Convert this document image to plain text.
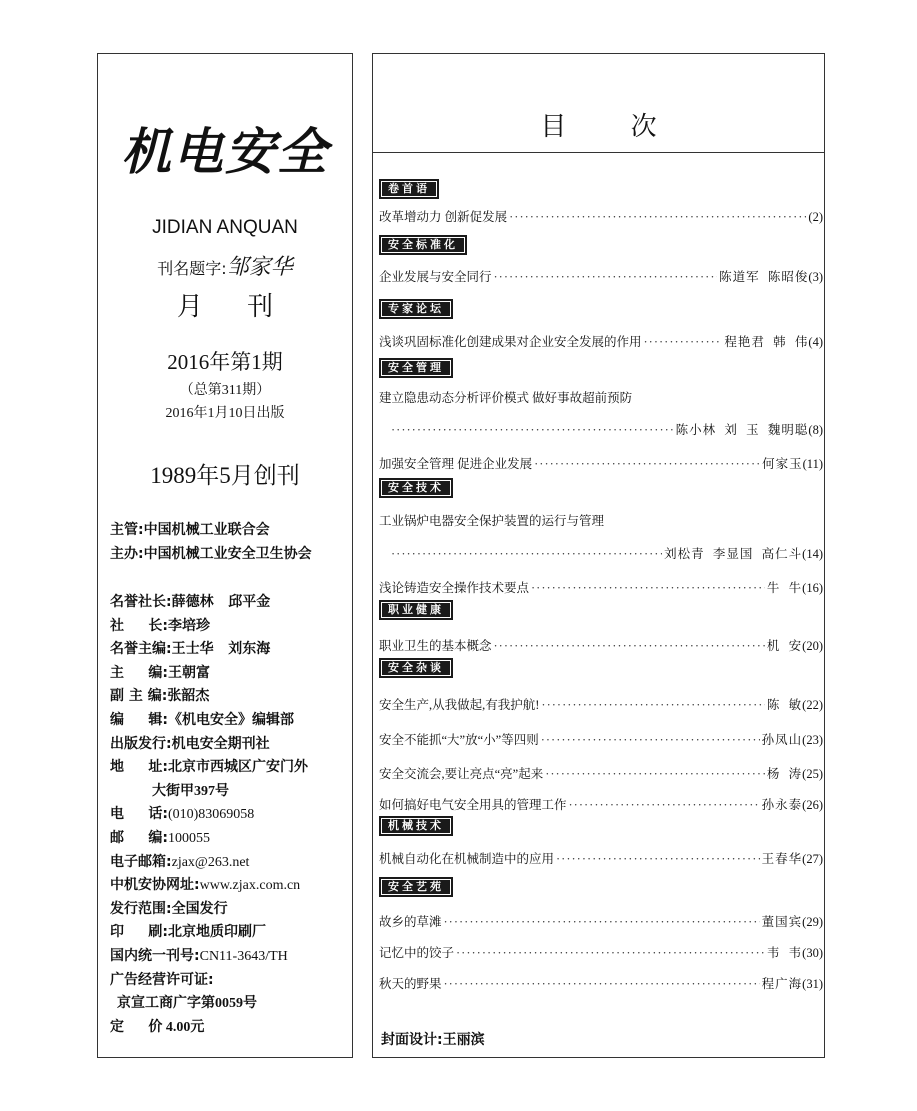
机电安全
JIDIAN ANQUAN
刊名题字:邹家华
月 刊
2016年第1期
（总第311期）
2016年1月10日出版
1989年5月创刊
主管:中国机械工业联合会
主办:中国机械工业安全卫生协会
名誉社长:薛德林   邱平金
社     长:李培珍
名誉主编:王士华   刘东海
主     编:王朝富
副 主 编:张韶杰
编     辑:《机电安全》编辑部
出版发行:机电安全期刊社
地     址:北京市西城区广安门外
大街甲397号
电     话:(010)83069058
邮     编:100055
电子邮箱:zjax@263.net
中机安协网址:www.zjax.com.cn
发行范围:全国发行
印     刷:北京地质印刷厂
国内统一刊号:CN11-3643/TH
广告经营许可证:
京宣工商广字第0059号
定     价 4.00元
目 次
卷首语
改革增动力 创新促发展 ·····	(2)
安全标准化
企业发展与安全同行 ·····	陈道军  陈昭俊 (3)
专家论坛
浅谈巩固标准化创建成果对企业安全发展的作用 ·····	程艳君  韩  伟 (4)
安全管理
建立隐患动态分析评价模式 做好事故超前预防
·····
陈小林  刘  玉  魏明聪 (8)
加强安全管理 促进企业发展 ·····	何家玉 (11)
安全技术
工业锅炉电器安全保护装置的运行与管理
·····
刘松青  李显国  高仁斗 (14)
浅论铸造安全操作技术要点 ·····	牛  牛 (16)
职业健康
职业卫生的基本概念 ·····	机  安 (20)
安全杂谈
安全生产,从我做起,有我护航! ·····	陈  敏 (22)
安全不能抓“大”放“小”等四则 ·····	孙凤山 (23)
安全交流会,要让亮点“亮”起来 ·····	杨  涛 (25)
如何搞好电气安全用具的管理工作 ·····	孙永泰 (26)
机械技术
机械自动化在机械制造中的应用 ·····	王春华 (27)
安全艺苑
故乡的草滩 ·····	董国宾 (29)
记忆中的饺子 ·····	韦  韦 (30)
秋天的野果 ·····	程广海 (31)
封面设计:王丽滨
